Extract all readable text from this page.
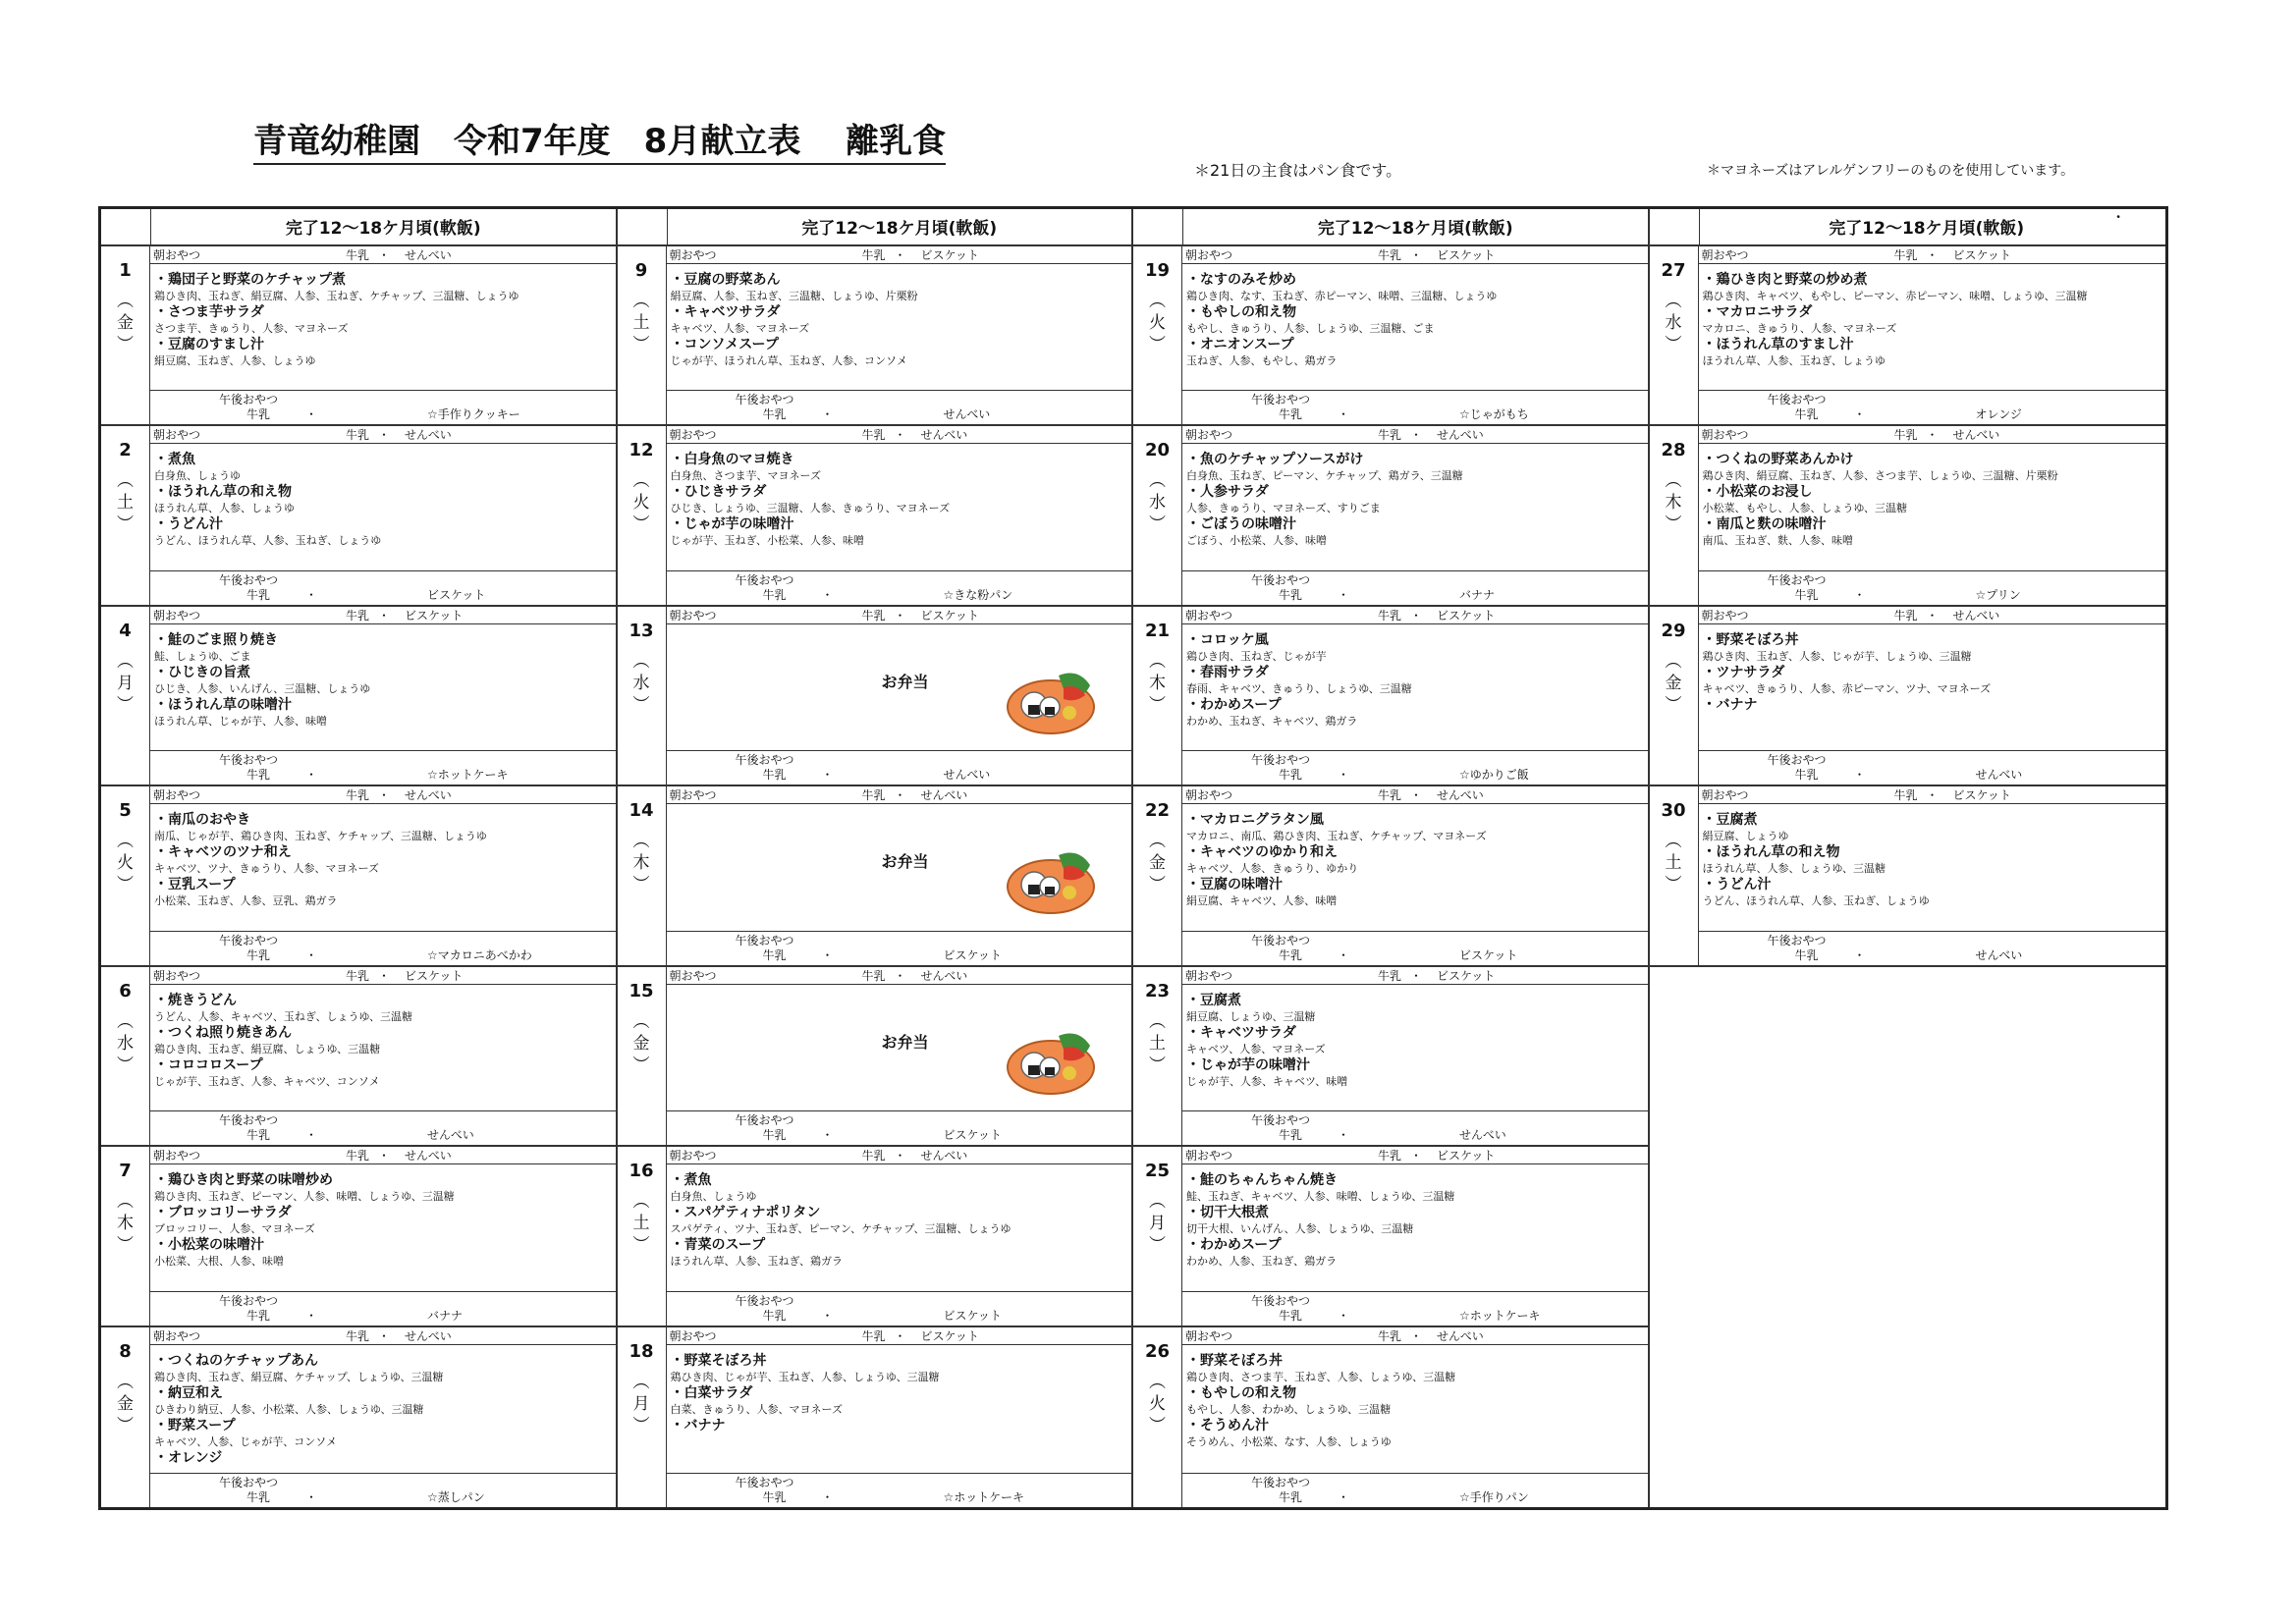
青竜幼稚園　令和7年度　8月献立表　 離乳食
＊21日の主食はパン食です。	＊マヨネーズはアレルゲンフリーのものを使用しています。
完了12～18ケ月頃(軟飯)
1
︵
金
︶
朝おやつ	牛乳 ・	せんべい
・鶏団子と野菜のケチャップ煮
鶏ひき肉、玉ねぎ、絹豆腐、人参、玉ねぎ、ケチャップ、三温糖、しょうゆ
・さつま芋サラダ
さつま芋、きゅうり、人参、マヨネーズ
・豆腐のすまし汁
絹豆腐、玉ねぎ、人参、しょうゆ
午後おやつ
牛乳	・	☆手作りクッキー
2
︵
土
︶
朝おやつ	牛乳 ・	せんべい
・煮魚
白身魚、しょうゆ
・ほうれん草の和え物
ほうれん草、人参、しょうゆ
・うどん汁
うどん、ほうれん草、人参、玉ねぎ、しょうゆ
午後おやつ
牛乳	・	ビスケット
4
︵
月
︶
朝おやつ	牛乳 ・	ビスケット
・鮭のごま照り焼き
鮭、しょうゆ、ごま
・ひじきの旨煮
ひじき、人参、いんげん、三温糖、しょうゆ
・ほうれん草の味噌汁
ほうれん草、じゃが芋、人参、味噌
午後おやつ
牛乳	・	☆ホットケーキ
5
︵
火
︶
朝おやつ	牛乳 ・	せんべい
・南瓜のおやき
南瓜、じゃが芋、鶏ひき肉、玉ねぎ、ケチャップ、三温糖、しょうゆ
・キャベツのツナ和え
キャベツ、ツナ、きゅうり、人参、マヨネーズ
・豆乳スープ
小松菜、玉ねぎ、人参、豆乳、鶏ガラ
午後おやつ
牛乳	・	☆マカロニあべかわ
6
︵
水
︶
朝おやつ	牛乳 ・	ビスケット
・焼きうどん
うどん、人参、キャベツ、玉ねぎ、しょうゆ、三温糖
・つくね照り焼きあん
鶏ひき肉、玉ねぎ、絹豆腐、しょうゆ、三温糖
・コロコロスープ
じゃが芋、玉ねぎ、人参、キャベツ、コンソメ
午後おやつ
牛乳	・	せんべい
7
︵
木
︶
朝おやつ	牛乳 ・	せんべい
・鶏ひき肉と野菜の味噌炒め
鶏ひき肉、玉ねぎ、ピーマン、人参、味噌、しょうゆ、三温糖
・ブロッコリーサラダ
ブロッコリー、人参、マヨネーズ
・小松菜の味噌汁
小松菜、大根、人参、味噌
午後おやつ
牛乳	・	バナナ
8
︵
金
︶
朝おやつ	牛乳 ・	せんべい
・つくねのケチャップあん
鶏ひき肉、玉ねぎ、絹豆腐、ケチャップ、しょうゆ、三温糖
・納豆和え
ひきわり納豆、人参、小松菜、人参、しょうゆ、三温糖
・野菜スープ
キャベツ、人参、じゃが芋、コンソメ
・オレンジ
午後おやつ
牛乳	・	☆蒸しパン
完了12～18ケ月頃(軟飯)
9
︵
土
︶
朝おやつ	牛乳 ・	ビスケット
・豆腐の野菜あん
絹豆腐、人参、玉ねぎ、三温糖、しょうゆ、片栗粉
・キャベツサラダ
キャベツ、人参、マヨネーズ
・コンソメスープ
じゃが芋、ほうれん草、玉ねぎ、人参、コンソメ
午後おやつ
牛乳	・	せんべい
12
︵
火
︶
朝おやつ	牛乳 ・	せんべい
・白身魚のマヨ焼き
白身魚、さつま芋、マヨネーズ
・ひじきサラダ
ひじき、しょうゆ、三温糖、人参、きゅうり、マヨネーズ
・じゃが芋の味噌汁
じゃが芋、玉ねぎ、小松菜、人参、味噌
午後おやつ
牛乳	・	☆きな粉パン
13
︵
水
︶
朝おやつ	牛乳 ・	ビスケット
お弁当
午後おやつ
牛乳	・	せんべい
14
︵
木
︶
朝おやつ	牛乳 ・	せんべい
お弁当
午後おやつ
牛乳	・	ビスケット
15
︵
金
︶
朝おやつ	牛乳 ・	せんべい
お弁当
午後おやつ
牛乳	・	ビスケット
16
︵
土
︶
朝おやつ	牛乳 ・	せんべい
・煮魚
白身魚、しょうゆ
・スパゲティナポリタン
スパゲティ、ツナ、玉ねぎ、ピーマン、ケチャップ、三温糖、しょうゆ
・青菜のスープ
ほうれん草、人参、玉ねぎ、鶏ガラ
午後おやつ
牛乳	・	ビスケット
18
︵
月
︶
朝おやつ	牛乳 ・	ビスケット
・野菜そぼろ丼
鶏ひき肉、じゃが芋、玉ねぎ、人参、しょうゆ、三温糖
・白菜サラダ
白菜、きゅうり、人参、マヨネーズ
・バナナ
午後おやつ
牛乳	・	☆ホットケーキ
完了12～18ケ月頃(軟飯)
19
︵
火
︶
朝おやつ	牛乳 ・	ビスケット
・なすのみそ炒め
鶏ひき肉、なす、玉ねぎ、赤ピーマン、味噌、三温糖、しょうゆ
・もやしの和え物
もやし、きゅうり、人参、しょうゆ、三温糖、ごま
・オニオンスープ
玉ねぎ、人参、もやし、鶏ガラ
午後おやつ
牛乳	・	☆じゃがもち
20
︵
水
︶
朝おやつ	牛乳 ・	せんべい
・魚のケチャップソースがけ
白身魚、玉ねぎ、ピーマン、ケチャップ、鶏ガラ、三温糖
・人参サラダ
人参、きゅうり、マヨネーズ、すりごま
・ごぼうの味噌汁
ごぼう、小松菜、人参、味噌
午後おやつ
牛乳	・	バナナ
21
︵
木
︶
朝おやつ	牛乳 ・	ビスケット
・コロッケ風
鶏ひき肉、玉ねぎ、じゃが芋
・春雨サラダ
春雨、キャベツ、きゅうり、しょうゆ、三温糖
・わかめスープ
わかめ、玉ねぎ、キャベツ、鶏ガラ
午後おやつ
牛乳	・	☆ゆかりご飯
22
︵
金
︶
朝おやつ	牛乳 ・	せんべい
・マカロニグラタン風
マカロニ、南瓜、鶏ひき肉、玉ねぎ、ケチャップ、マヨネーズ
・キャベツのゆかり和え
キャベツ、人参、きゅうり、ゆかり
・豆腐の味噌汁
絹豆腐、キャベツ、人参、味噌
午後おやつ
牛乳	・	ビスケット
23
︵
土
︶
朝おやつ	牛乳 ・	ビスケット
・豆腐煮
絹豆腐、しょうゆ、三温糖
・キャベツサラダ
キャベツ、人参、マヨネーズ
・じゃが芋の味噌汁
じゃが芋、人参、キャベツ、味噌
午後おやつ
牛乳	・	せんべい
25
︵
月
︶
朝おやつ	牛乳 ・	ビスケット
・鮭のちゃんちゃん焼き
鮭、玉ねぎ、キャベツ、人参、味噌、しょうゆ、三温糖
・切干大根煮
切干大根、いんげん、人参、しょうゆ、三温糖
・わかめスープ
わかめ、人参、玉ねぎ、鶏ガラ
午後おやつ
牛乳	・	☆ホットケーキ
26
︵
火
︶
朝おやつ	牛乳 ・	せんべい
・野菜そぼろ丼
鶏ひき肉、さつま芋、玉ねぎ、人参、しょうゆ、三温糖
・もやしの和え物
もやし、人参、わかめ、しょうゆ、三温糖
・そうめん汁
そうめん、小松菜、なす、人参、しょうゆ
午後おやつ
牛乳	・	☆手作りパン
完了12～18ケ月頃(軟飯)
・
27
︵
水
︶
朝おやつ	牛乳 ・	ビスケット
・鶏ひき肉と野菜の炒め煮
鶏ひき肉、キャベツ、もやし、ピーマン、赤ピーマン、味噌、しょうゆ、三温糖
・マカロニサラダ
マカロニ、きゅうり、人参、マヨネーズ
・ほうれん草のすまし汁
ほうれん草、人参、玉ねぎ、しょうゆ
午後おやつ
牛乳	・	オレンジ
28
︵
木
︶
朝おやつ	牛乳 ・	せんべい
・つくねの野菜あんかけ
鶏ひき肉、絹豆腐、玉ねぎ、人参、さつま芋、しょうゆ、三温糖、片栗粉
・小松菜のお浸し
小松菜、もやし、人参、しょうゆ、三温糖
・南瓜と麩の味噌汁
南瓜、玉ねぎ、麩、人参、味噌
午後おやつ
牛乳	・	☆プリン
29
︵
金
︶
朝おやつ	牛乳 ・	せんべい
・野菜そぼろ丼
鶏ひき肉、玉ねぎ、人参、じゃが芋、しょうゆ、三温糖
・ツナサラダ
キャベツ、きゅうり、人参、赤ピーマン、ツナ、マヨネーズ
・バナナ
午後おやつ
牛乳	・	せんべい
30
︵
土
︶
朝おやつ	牛乳 ・	ビスケット
・豆腐煮
絹豆腐、しょうゆ
・ほうれん草の和え物
ほうれん草、人参、しょうゆ、三温糖
・うどん汁
うどん、ほうれん草、人参、玉ねぎ、しょうゆ
午後おやつ
牛乳	・	せんべい
